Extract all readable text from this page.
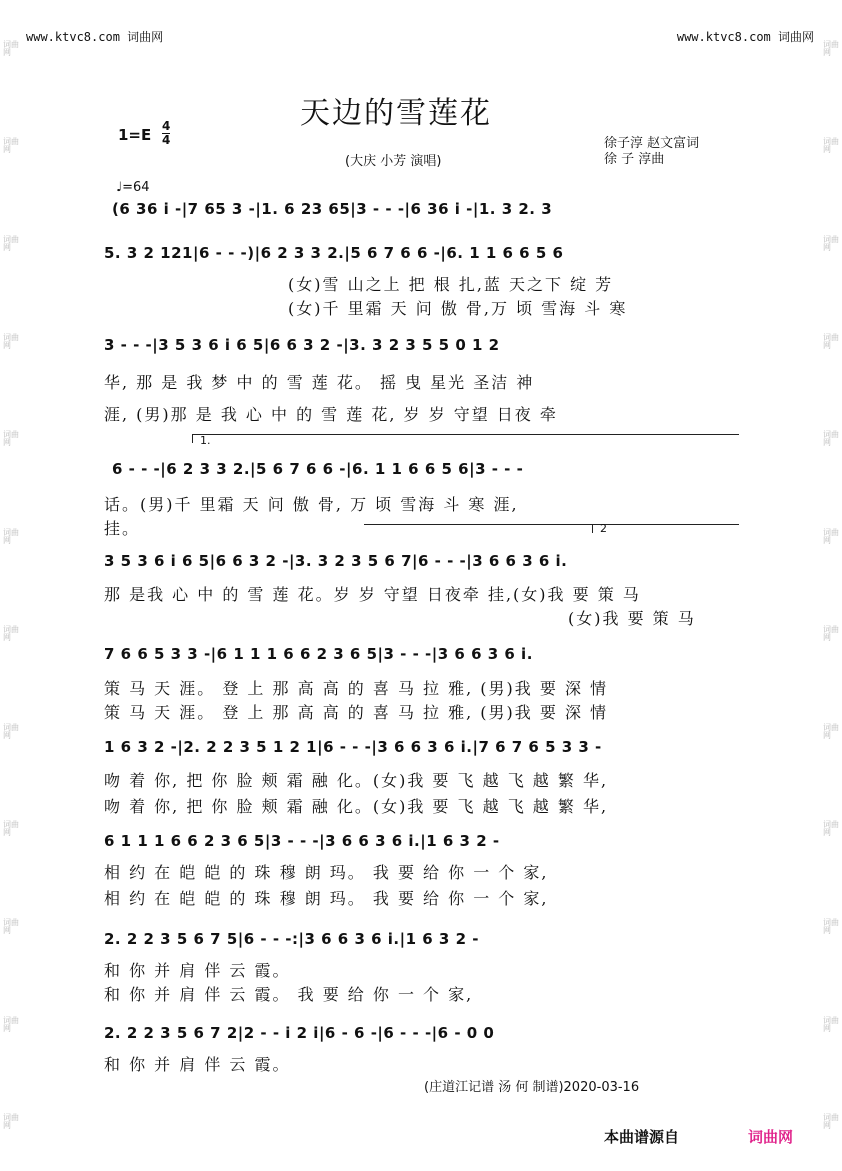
词曲网
词曲网
词曲网
词曲网
词曲网
词曲网
词曲网
词曲网
词曲网
词曲网
词曲网
词曲网
词曲网
词曲网
词曲网
词曲网
词曲网
词曲网
词曲网
词曲网
词曲网
词曲网
词曲网
词曲网
www.ktvc8.com 词曲网	www.ktvc8.com 词曲网
天边的雪莲花
1=E 4
4
(大庆 小芳 演唱)
徐子淳 赵文富词
徐 子 淳曲
♩=64
(6 36 i -|7 65 3 -|1. 6 23 65|3 - - -|6 36 i -|1. 3 2. 3
5. 3 2 121|6 - - -)|6 2 3 3 2.|5 6 7 6 6 -|6. 1 1 6 6 5 6
(女)雪 山之上 把 根 扎,蓝 天之下 绽 芳
(女)千 里霜 天 问 傲 骨,万 顷 雪海 斗 寒
3 - - -|3 5 3 6 i 6 5|6 6 3 2 -|3. 3 2 3 5 5 0 1 2
华, 那 是 我 梦 中 的 雪 莲 花。 摇 曳 星光 圣洁 神
涯, (男)那 是 我 心 中 的 雪 莲 花, 岁 岁 守望 日夜 牵
1.
6 - - -|6 2 3 3 2.|5 6 7 6 6 -|6. 1 1 6 6 5 6|3 - - -
话。(男)千 里霜 天 问 傲 骨, 万 顷 雪海 斗 寒 涯,
挂。	2
3 5 3 6 i 6 5|6 6 3 2 -|3. 3 2 3 5 6 7|6 - - -|3 6 6 3 6 i.
那 是我 心 中 的 雪 莲 花。岁 岁 守望 日夜牵 挂,(女)我 要 策 马
(女)我 要 策 马
7 6 6 5 3 3 -|6 1 1 1 6 6 2 3 6 5|3 - - -|3 6 6 3 6 i.
策 马 天 涯。 登 上 那 高 高 的 喜 马 拉 雅, (男)我 要 深 情
策 马 天 涯。 登 上 那 高 高 的 喜 马 拉 雅, (男)我 要 深 情
1 6 3 2 -|2. 2 2 3 5 1 2 1|6 - - -|3 6 6 3 6 i.|7 6 7 6 5 3 3 -
吻 着 你, 把 你 脸 颊 霜 融 化。(女)我 要 飞 越 飞 越 繁 华,
吻 着 你, 把 你 脸 颊 霜 融 化。(女)我 要 飞 越 飞 越 繁 华,
6 1 1 1 6 6 2 3 6 5|3 - - -|3 6 6 3 6 i.|1 6 3 2 -
相 约 在 皑 皑 的 珠 穆 朗 玛。 我 要 给 你 一 个 家,
相 约 在 皑 皑 的 珠 穆 朗 玛。 我 要 给 你 一 个 家,
2. 2 2 3 5 6 7 5|6 - - -:|3 6 6 3 6 i.|1 6 3 2 -
和 你 并 肩 伴 云 霞。
和 你 并 肩 伴 云 霞。 我 要 给 你 一 个 家,
2. 2 2 3 5 6 7 2|2 - - i 2 i|6 - 6 -|6 - - -|6 - 0 0
和 你 并 肩 伴 云 霞。
(庄道江记谱 汤 何 制谱)2020-03-16
本曲谱源自	词曲网
